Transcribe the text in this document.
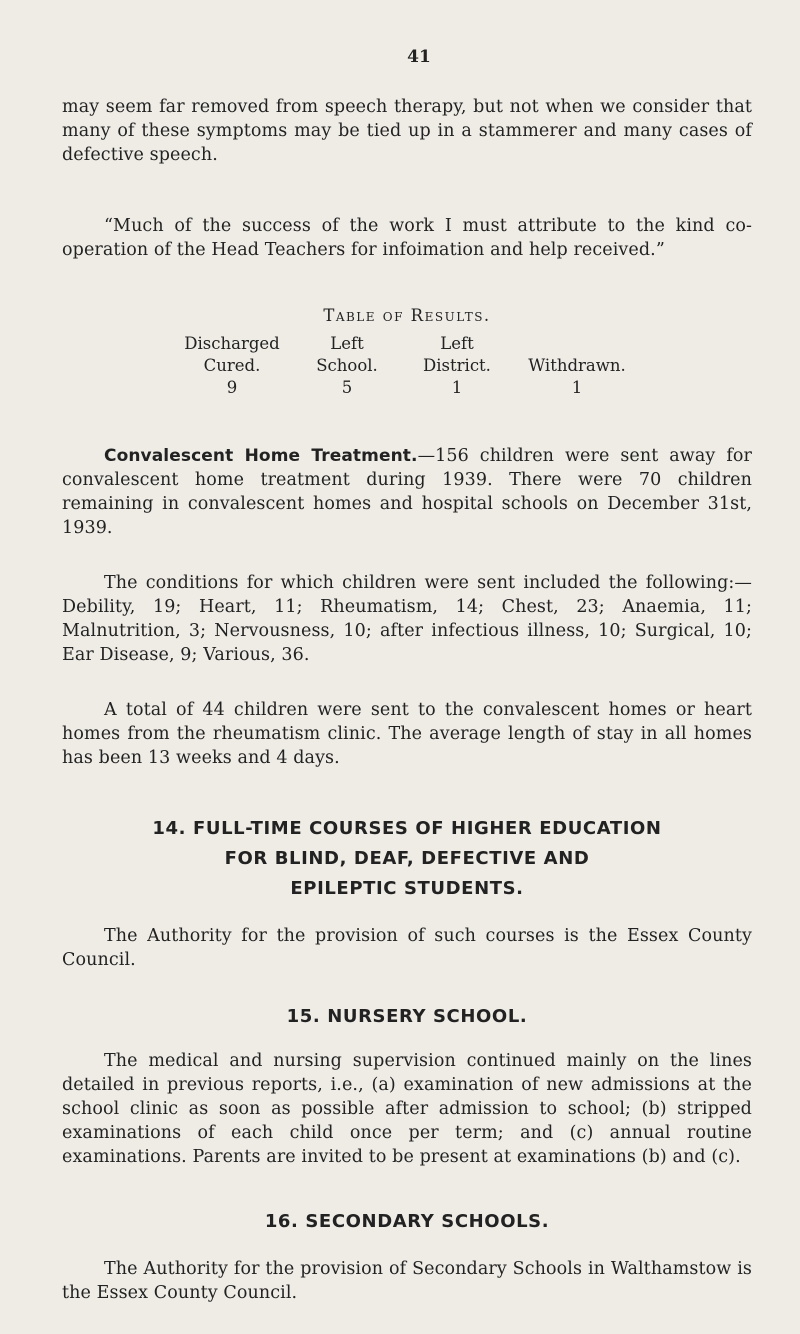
41

may seem far removed from speech therapy, but not when we consider that many of these symptoms may be tied up in a stammerer and many cases of defective speech.

“Much of the success of the work I must attribute to the kind co-operation of the Head Teachers for infoimation and help received.”

Table of Results.
Discharged
Cured.
9
Left
School.
5
Left
District.
1

Withdrawn.
1

Convalescent Home Treatment.—156 children were sent away for convalescent home treatment during 1939. There were 70 children remaining in convalescent homes and hospital schools on December 31st, 1939.

The conditions for which children were sent included the following:—Debility, 19; Heart, 11; Rheumatism, 14; Chest, 23; Anaemia, 11; Malnutrition, 3; Nervousness, 10; after infectious illness, 10; Surgical, 10; Ear Disease, 9; Various, 36.

A total of 44 children were sent to the convalescent homes or heart homes from the rheumatism clinic. The average length of stay in all homes has been 13 weeks and 4 days.

14. FULL-TIME COURSES OF HIGHER EDUCATION
FOR BLIND, DEAF, DEFECTIVE AND
EPILEPTIC STUDENTS.

The Authority for the provision of such courses is the Essex County Council.

15. NURSERY SCHOOL.

The medical and nursing supervision continued mainly on the lines detailed in previous reports, i.e., (a) examination of new admissions at the school clinic as soon as possible after admission to school; (b) stripped examinations of each child once per term; and (c) annual routine examinations. Parents are invited to be present at examinations (b) and (c).

16. SECONDARY SCHOOLS.

The Authority for the provision of Secondary Schools in Walthamstow is the Essex County Council.
